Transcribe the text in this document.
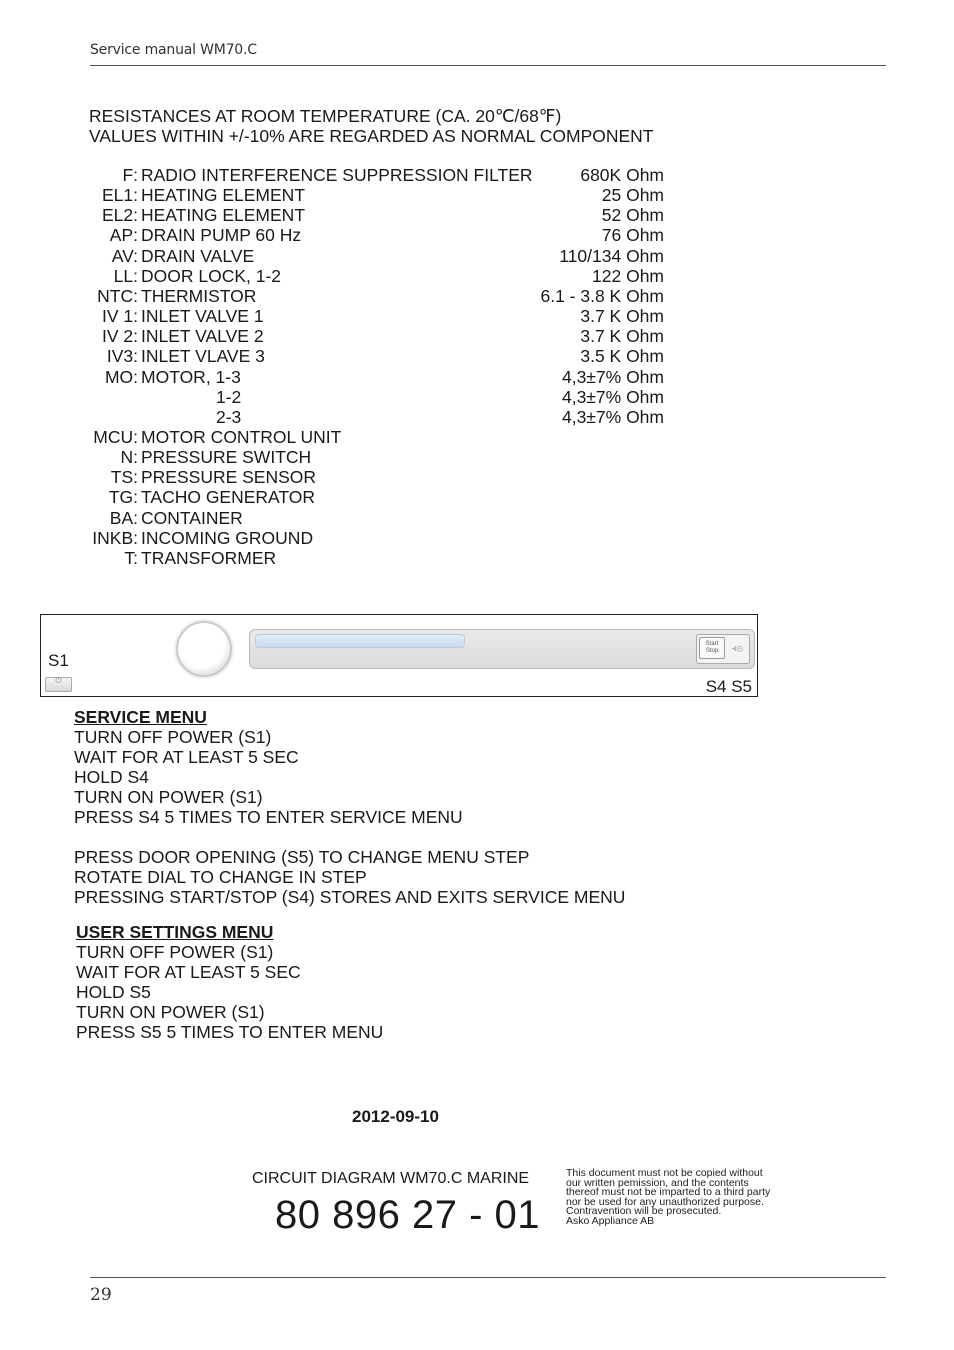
Service manual WM70.C
RESISTANCES AT ROOM TEMPERATURE (CA. 20℃/68℉)
VALUES WITHIN +/-10% ARE REGARDED AS NORMAL COMPONENT
F: RADIO INTERFERENCE SUPPRESSION FILTER	680K Ohm
EL1: HEATING ELEMENT	25 Ohm
EL2: HEATING ELEMENT	52 Ohm
AP: DRAIN PUMP 60 Hz	76 Ohm
AV: DRAIN VALVE	110/134 Ohm
LL: DOOR LOCK, 1-2	122 Ohm
NTC: THERMISTOR	6.1 - 3.8 K Ohm
IV 1: INLET VALVE 1	3.7 K Ohm
IV 2: INLET VALVE 2	3.7 K Ohm
IV3: INLET VLAVE 3	3.5 K Ohm
MO: MOTOR, 1-3	4,3±7% Ohm
1-2	4,3±7% Ohm
2-3	4,3±7% Ohm
MCU: MOTOR CONTROL UNIT
N: PRESSURE SWITCH
TS: PRESSURE SENSOR
TG: TACHO GENERATOR
BA: CONTAINER
INKB: INCOMING GROUND
T: TRANSFORMER
S1
⏻
Start
Stop	⫣⊙
S4 S5
SERVICE MENU
TURN OFF POWER (S1)
WAIT FOR AT LEAST 5 SEC
HOLD S4
TURN ON POWER (S1)
PRESS S4 5 TIMES TO ENTER SERVICE MENU
PRESS DOOR OPENING (S5) TO CHANGE MENU STEP
ROTATE DIAL TO CHANGE IN STEP
PRESSING START/STOP (S4) STORES AND EXITS SERVICE MENU
USER SETTINGS MENU
TURN OFF POWER (S1)
WAIT FOR AT LEAST 5 SEC
HOLD S5
TURN ON POWER (S1)
PRESS S5 5 TIMES TO ENTER MENU
2012-09-10
CIRCUIT DIAGRAM WM70.C MARINE
80 896 27 - 01
This document must not be copied without
our written pemission, and the contents
thereof must not be imparted to a third party
nor be used for any unauthorized purpose.
Contravention will be prosecuted.
Asko Appliance AB
29
